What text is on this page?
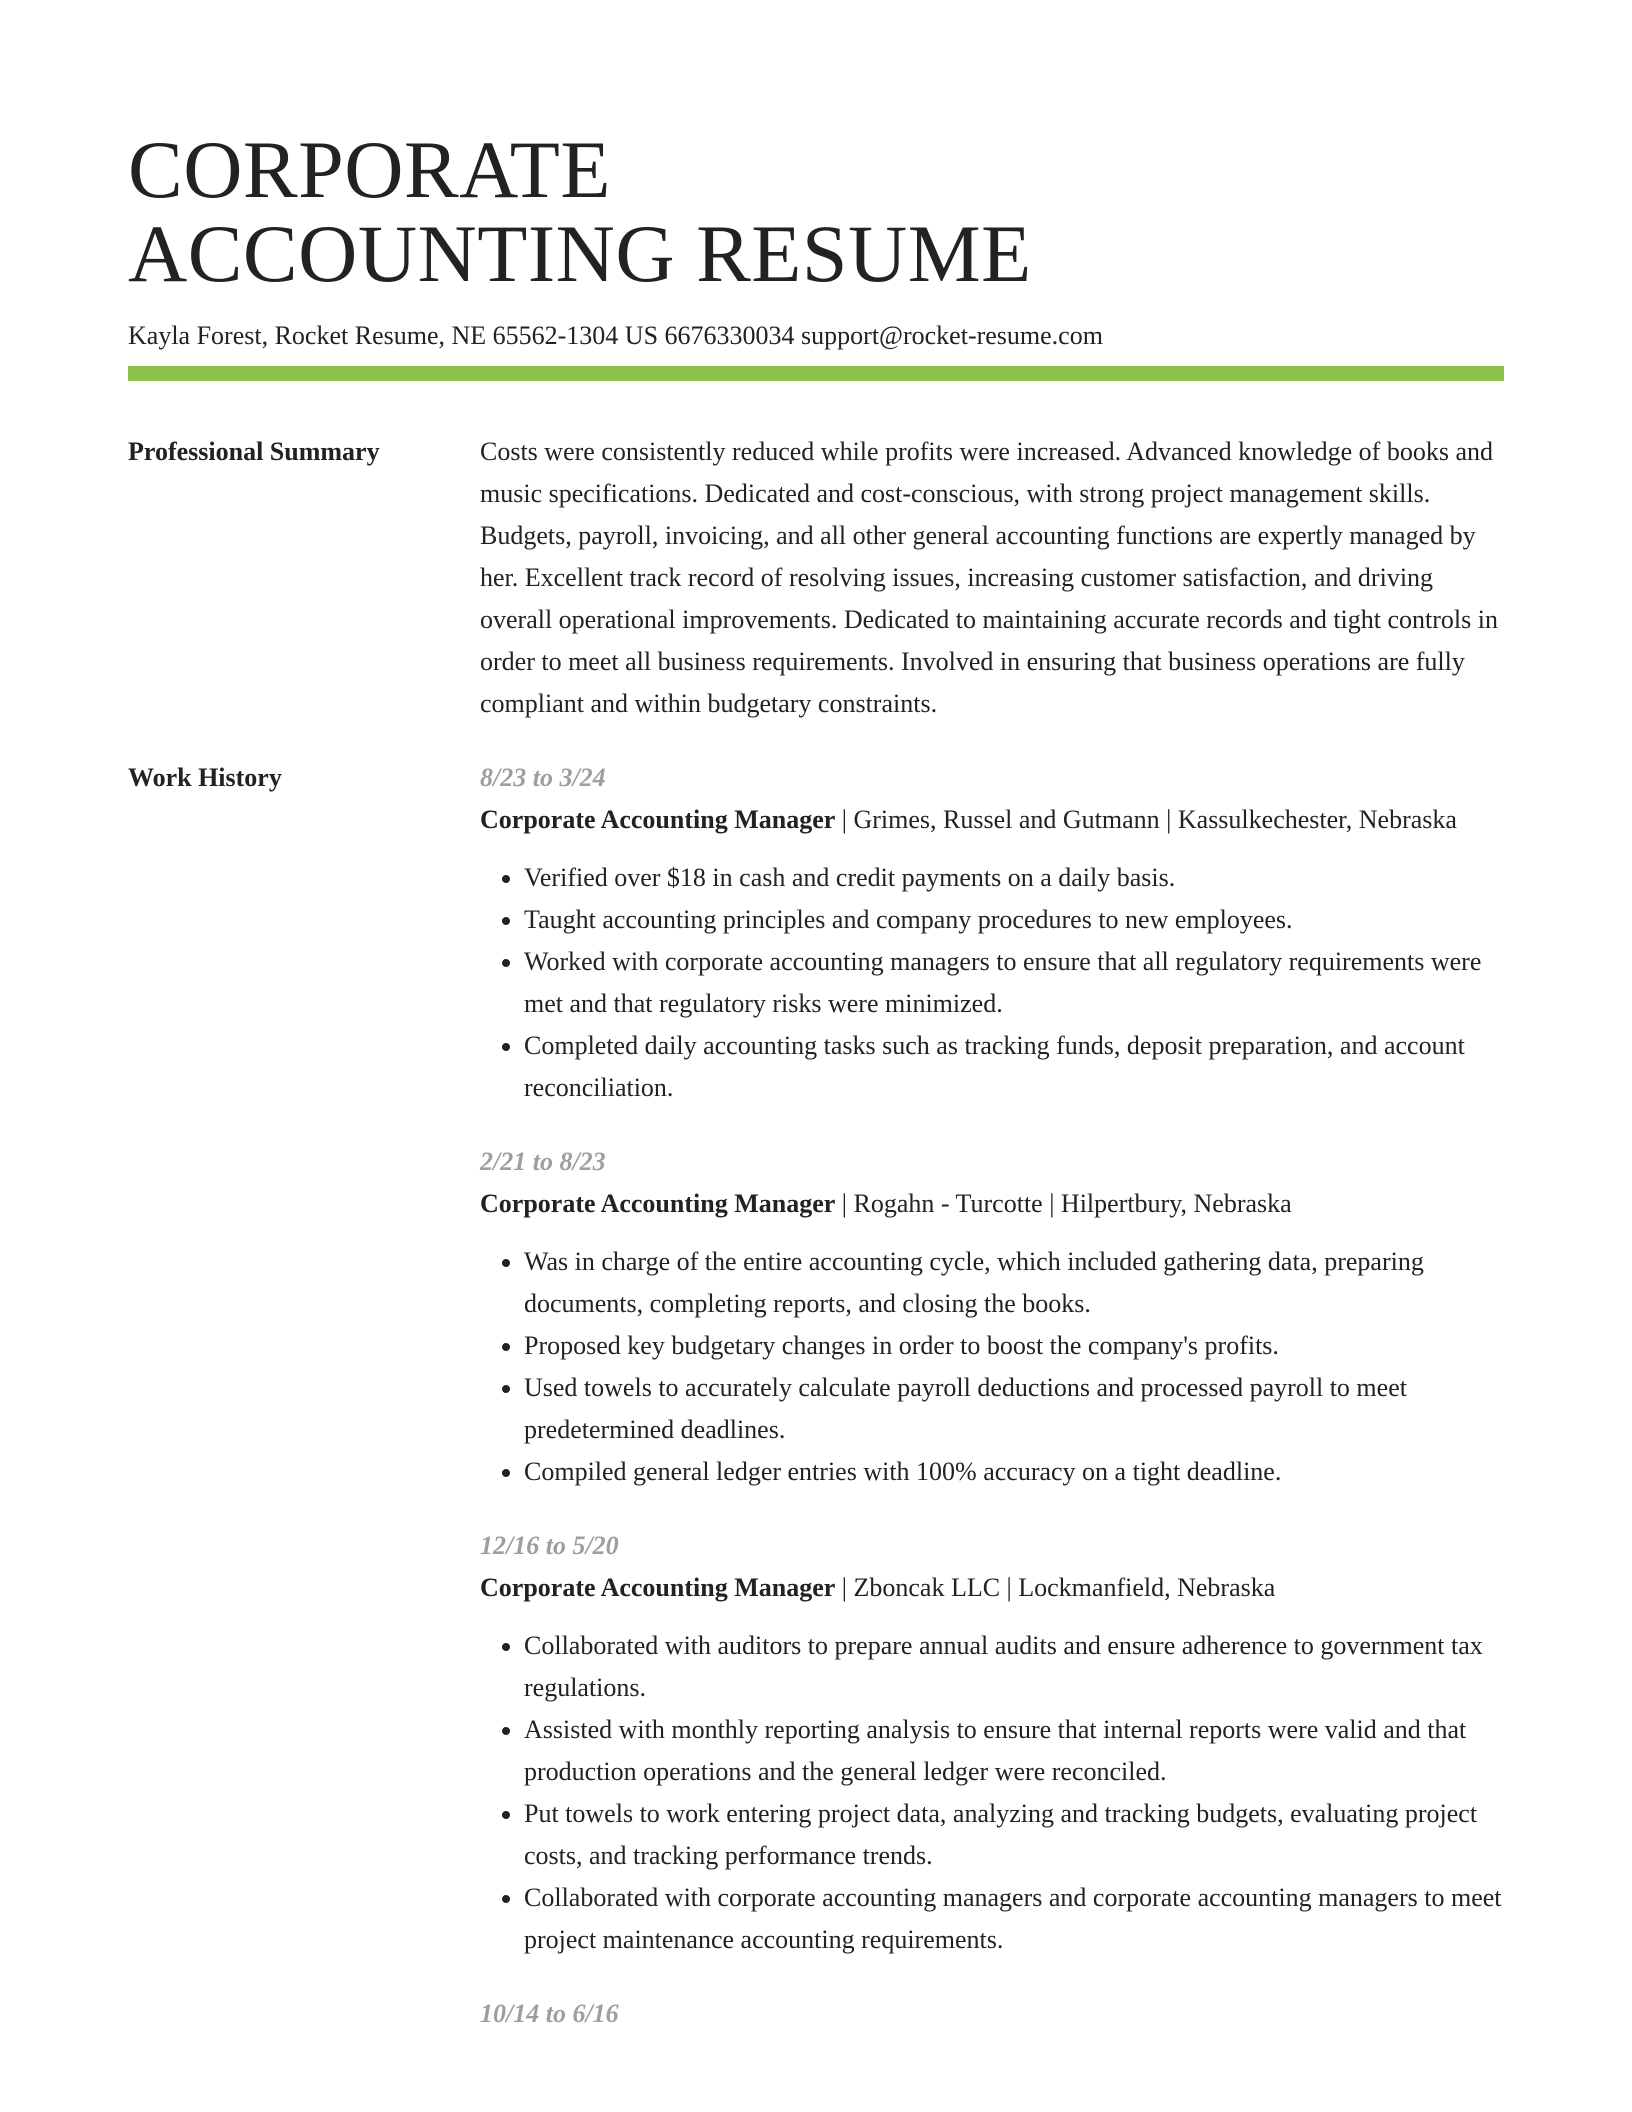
CORPORATE
ACCOUNTING RESUME
Kayla Forest, Rocket Resume, NE 65562-1304 US 6676330034 support@rocket-resume.com
Professional Summary	Costs were consistently reduced while profits were increased. Advanced knowledge of books and music specifications. Dedicated and cost-conscious, with strong project management skills. Budgets, payroll, invoicing, and all other general accounting functions are expertly managed by her. Excellent track record of resolving issues, increasing customer satisfaction, and driving overall operational improvements. Dedicated to maintaining accurate records and tight controls in order to meet all business requirements. Involved in ensuring that business operations are fully compliant and within budgetary constraints.

Work History	8/23 to 3/24

Corporate Accounting Manager | Grimes, Russel and Gutmann | Kassulkechester, Nebraska

• Verified over $18 in cash and credit payments on a daily basis.
• Taught accounting principles and company procedures to new employees.
• Worked with corporate accounting managers to ensure that all regulatory requirements were met and that regulatory risks were minimized.
• Completed daily accounting tasks such as tracking funds, deposit preparation, and account reconciliation.
2/21 to 8/23

Corporate Accounting Manager | Rogahn - Turcotte | Hilpertbury, Nebraska

• Was in charge of the entire accounting cycle, which included gathering data, preparing documents, completing reports, and closing the books.
• Proposed key budgetary changes in order to boost the company's profits.
• Used towels to accurately calculate payroll deductions and processed payroll to meet predetermined deadlines.
• Compiled general ledger entries with 100% accuracy on a tight deadline.
12/16 to 5/20

Corporate Accounting Manager | Zboncak LLC | Lockmanfield, Nebraska

• Collaborated with auditors to prepare annual audits and ensure adherence to government tax regulations.
• Assisted with monthly reporting analysis to ensure that internal reports were valid and that production operations and the general ledger were reconciled.
• Put towels to work entering project data, analyzing and tracking budgets, evaluating project costs, and tracking performance trends.
• Collaborated with corporate accounting managers and corporate accounting managers to meet project maintenance accounting requirements.
10/14 to 6/16
